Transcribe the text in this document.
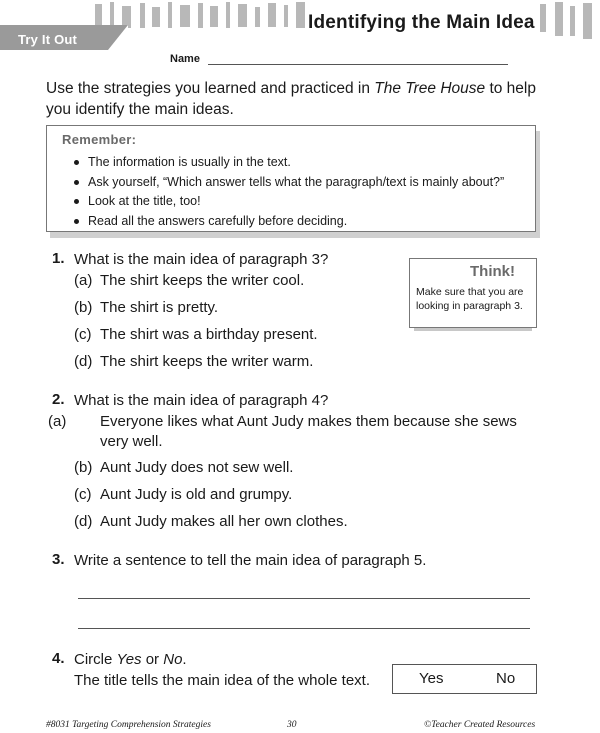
Try It Out
Identifying the Main Idea
Name
Use the strategies you learned and practiced in The Tree House to help you identify the main ideas.
Remember:
The information is usually in the text.
Ask yourself, “Which answer tells what the paragraph/text is mainly about?”
Look at the title, too!
Read all the answers carefully before deciding.
1. What is the main idea of paragraph 3?
(a) The shirt keeps the writer cool.
(b) The shirt is pretty.
(c) The shirt was a birthday present.
(d) The shirt keeps the writer warm.
Think!
Make sure that you are looking in paragraph 3.
2. What is the main idea of paragraph 4?
(a) Everyone likes what Aunt Judy makes them because she sews very well.
(b) Aunt Judy does not sew well.
(c) Aunt Judy is old and grumpy.
(d) Aunt Judy makes all her own clothes.
3. Write a sentence to tell the main idea of paragraph 5.
4. Circle Yes or No.
The title tells the main idea of the whole text.	Yes	No
#8031 Targeting Comprehension Strategies	30	©Teacher Created Resources
